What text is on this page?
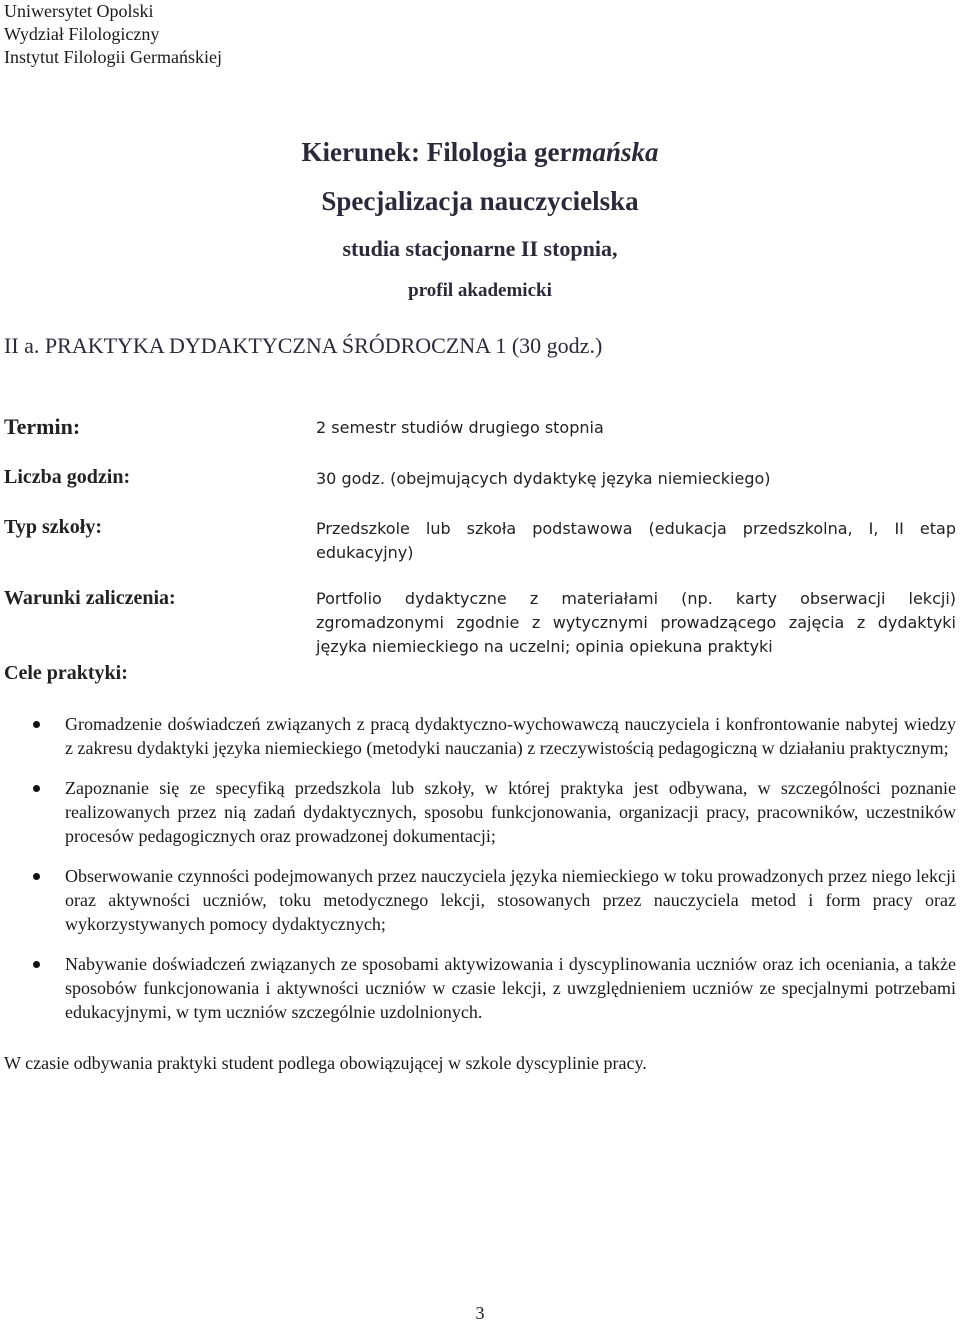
Uniwersytet Opolski
Wydział Filologiczny
Instytut Filologii Germańskiej
Kierunek: Filologia germańska
Specjalizacja nauczycielska
studia stacjonarne II stopnia,
profil akademicki
II a. PRAKTYKA DYDAKTYCZNA ŚRÓDROCZNA 1 (30 godz.)
Termin:
Liczba godzin:
Typ szkoły:
Warunki zaliczenia:
Cele praktyki:
2 semestr studiów drugiego stopnia
30 godz. (obejmujących dydaktykę języka niemieckiego)
Przedszkole lub szkoła podstawowa (edukacja przedszkolna, I, II etap edukacyjny)
Portfolio dydaktyczne z materiałami (np. karty obserwacji lekcji) zgromadzonymi zgodnie z wytycznymi prowadzącego zajęcia z dydaktyki języka niemieckiego na uczelni; opinia opiekuna praktyki
Gromadzenie doświadczeń związanych z pracą dydaktyczno-wychowawczą nauczyciela i konfrontowanie nabytej wiedzy z zakresu dydaktyki języka niemieckiego (metodyki nauczania) z rzeczywistością pedagogiczną w działaniu praktycznym;
Zapoznanie się ze specyfiką przedszkola lub szkoły, w której praktyka jest odbywana, w szczególności poznanie realizowanych przez nią zadań dydaktycznych, sposobu funkcjonowania, organizacji pracy, pracowników, uczestników procesów pedagogicznych oraz prowadzonej dokumentacji;
Obserwowanie czynności podejmowanych przez nauczyciela języka niemieckiego w toku prowadzonych przez niego lekcji oraz aktywności uczniów, toku metodycznego lekcji, stosowanych przez nauczyciela metod i form pracy oraz wykorzystywanych pomocy dydaktycznych;
Nabywanie doświadczeń związanych ze sposobami aktywizowania i dyscyplinowania uczniów oraz ich oceniania, a także sposobów funkcjonowania i aktywności uczniów w czasie lekcji, z uwzględnieniem uczniów ze specjalnymi potrzebami edukacyjnymi, w tym uczniów szczególnie uzdolnionych.
W czasie odbywania praktyki student podlega obowiązującej w szkole dyscyplinie pracy.
3
